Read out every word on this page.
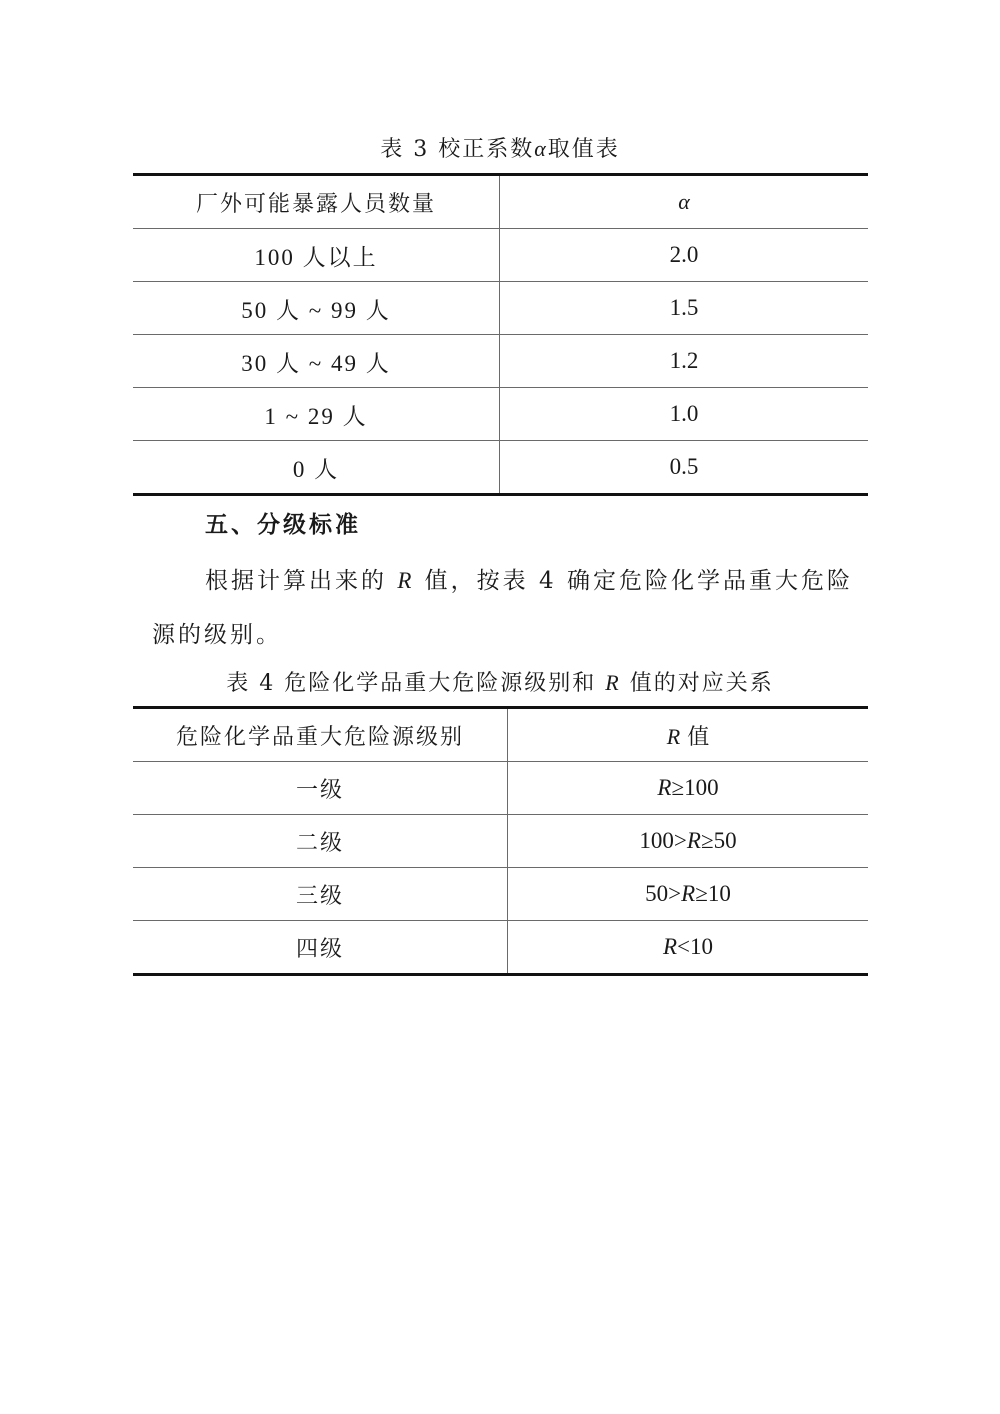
表 3 校正系数α取值表
厂外可能暴露人员数量	α
100 人以上	2.0
50 人 ~ 99 人	1.5
30 人 ~ 49 人	1.2
1 ~ 29 人	1.0
0 人	0.5
五、分级标准
根据计算出来的 R 值，按表 4 确定危险化学品重大危险
源的级别。
表 4 危险化学品重大危险源级别和 R 值的对应关系
危险化学品重大危险源级别	R 值
一级	R≥100
二级	100>R≥50
三级	50>R≥10
四级	R<10
